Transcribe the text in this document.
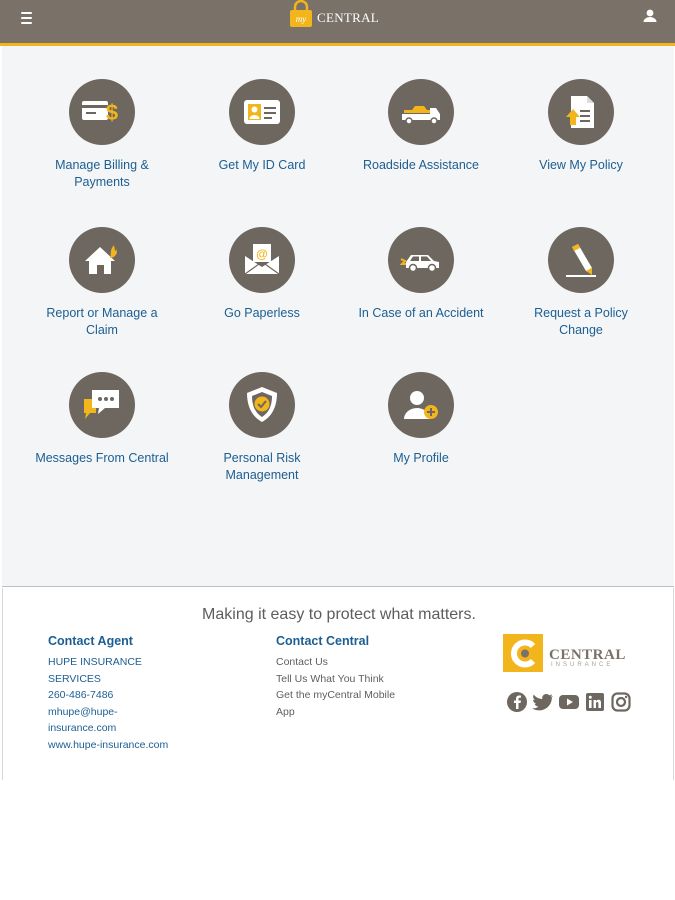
my CENTRAL
$
Manage Billing & Payments
Get My ID Card	Roadside Assistance	View My Policy
Report or Manage a Claim
@
Go Paperless	In Case of an Accident	Request a Policy Change
Messages From Central	Personal Risk Management
My Profile
Making it easy to protect what matters.
Contact Agent
HUPE INSURANCE
SERVICES
260-486-7486
mhupe@hupe-
insurance.com
www.hupe-insurance.com
Contact Central
Contact Us
Tell Us What You Think
Get the myCentral Mobile
App
CENTRAL
INSURANCE
